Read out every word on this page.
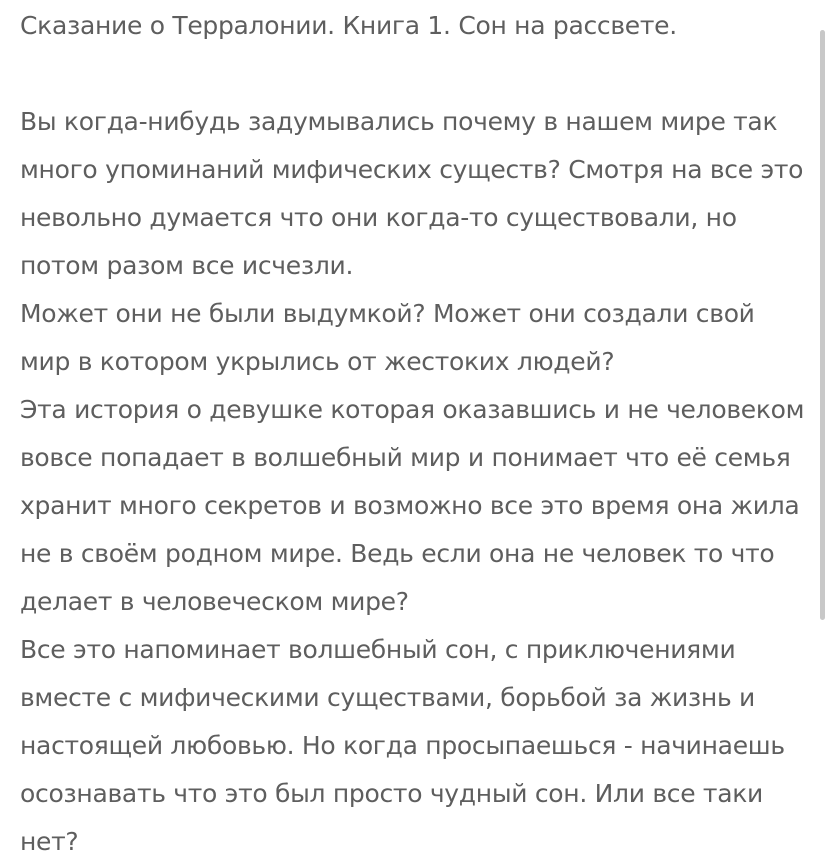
Сказание о Терралонии. Книга 1. Сон на рассвете.

Вы когда-нибудь задумывались почему в нашем мире так много упоминаний мифических существ? Смотря на все это невольно думается что они когда-то существовали, но потом разом все исчезли.

Может они не были выдумкой? Может они создали свой мир в котором укрылись от жестоких людей?

Эта история о девушке которая оказавшись и не человеком вовсе попадает в волшебный мир и понимает что её семья хранит много секретов и возможно все это время она жила не в своём родном мире. Ведь если она не человек то что делает в человеческом мире?

Все это напоминает волшебный сон, с приключениями вместе с мифическими существами, борьбой за жизнь и настоящей любовью. Но когда просыпаешься - начинаешь осознавать что это был просто чудный сон. Или все таки нет?
